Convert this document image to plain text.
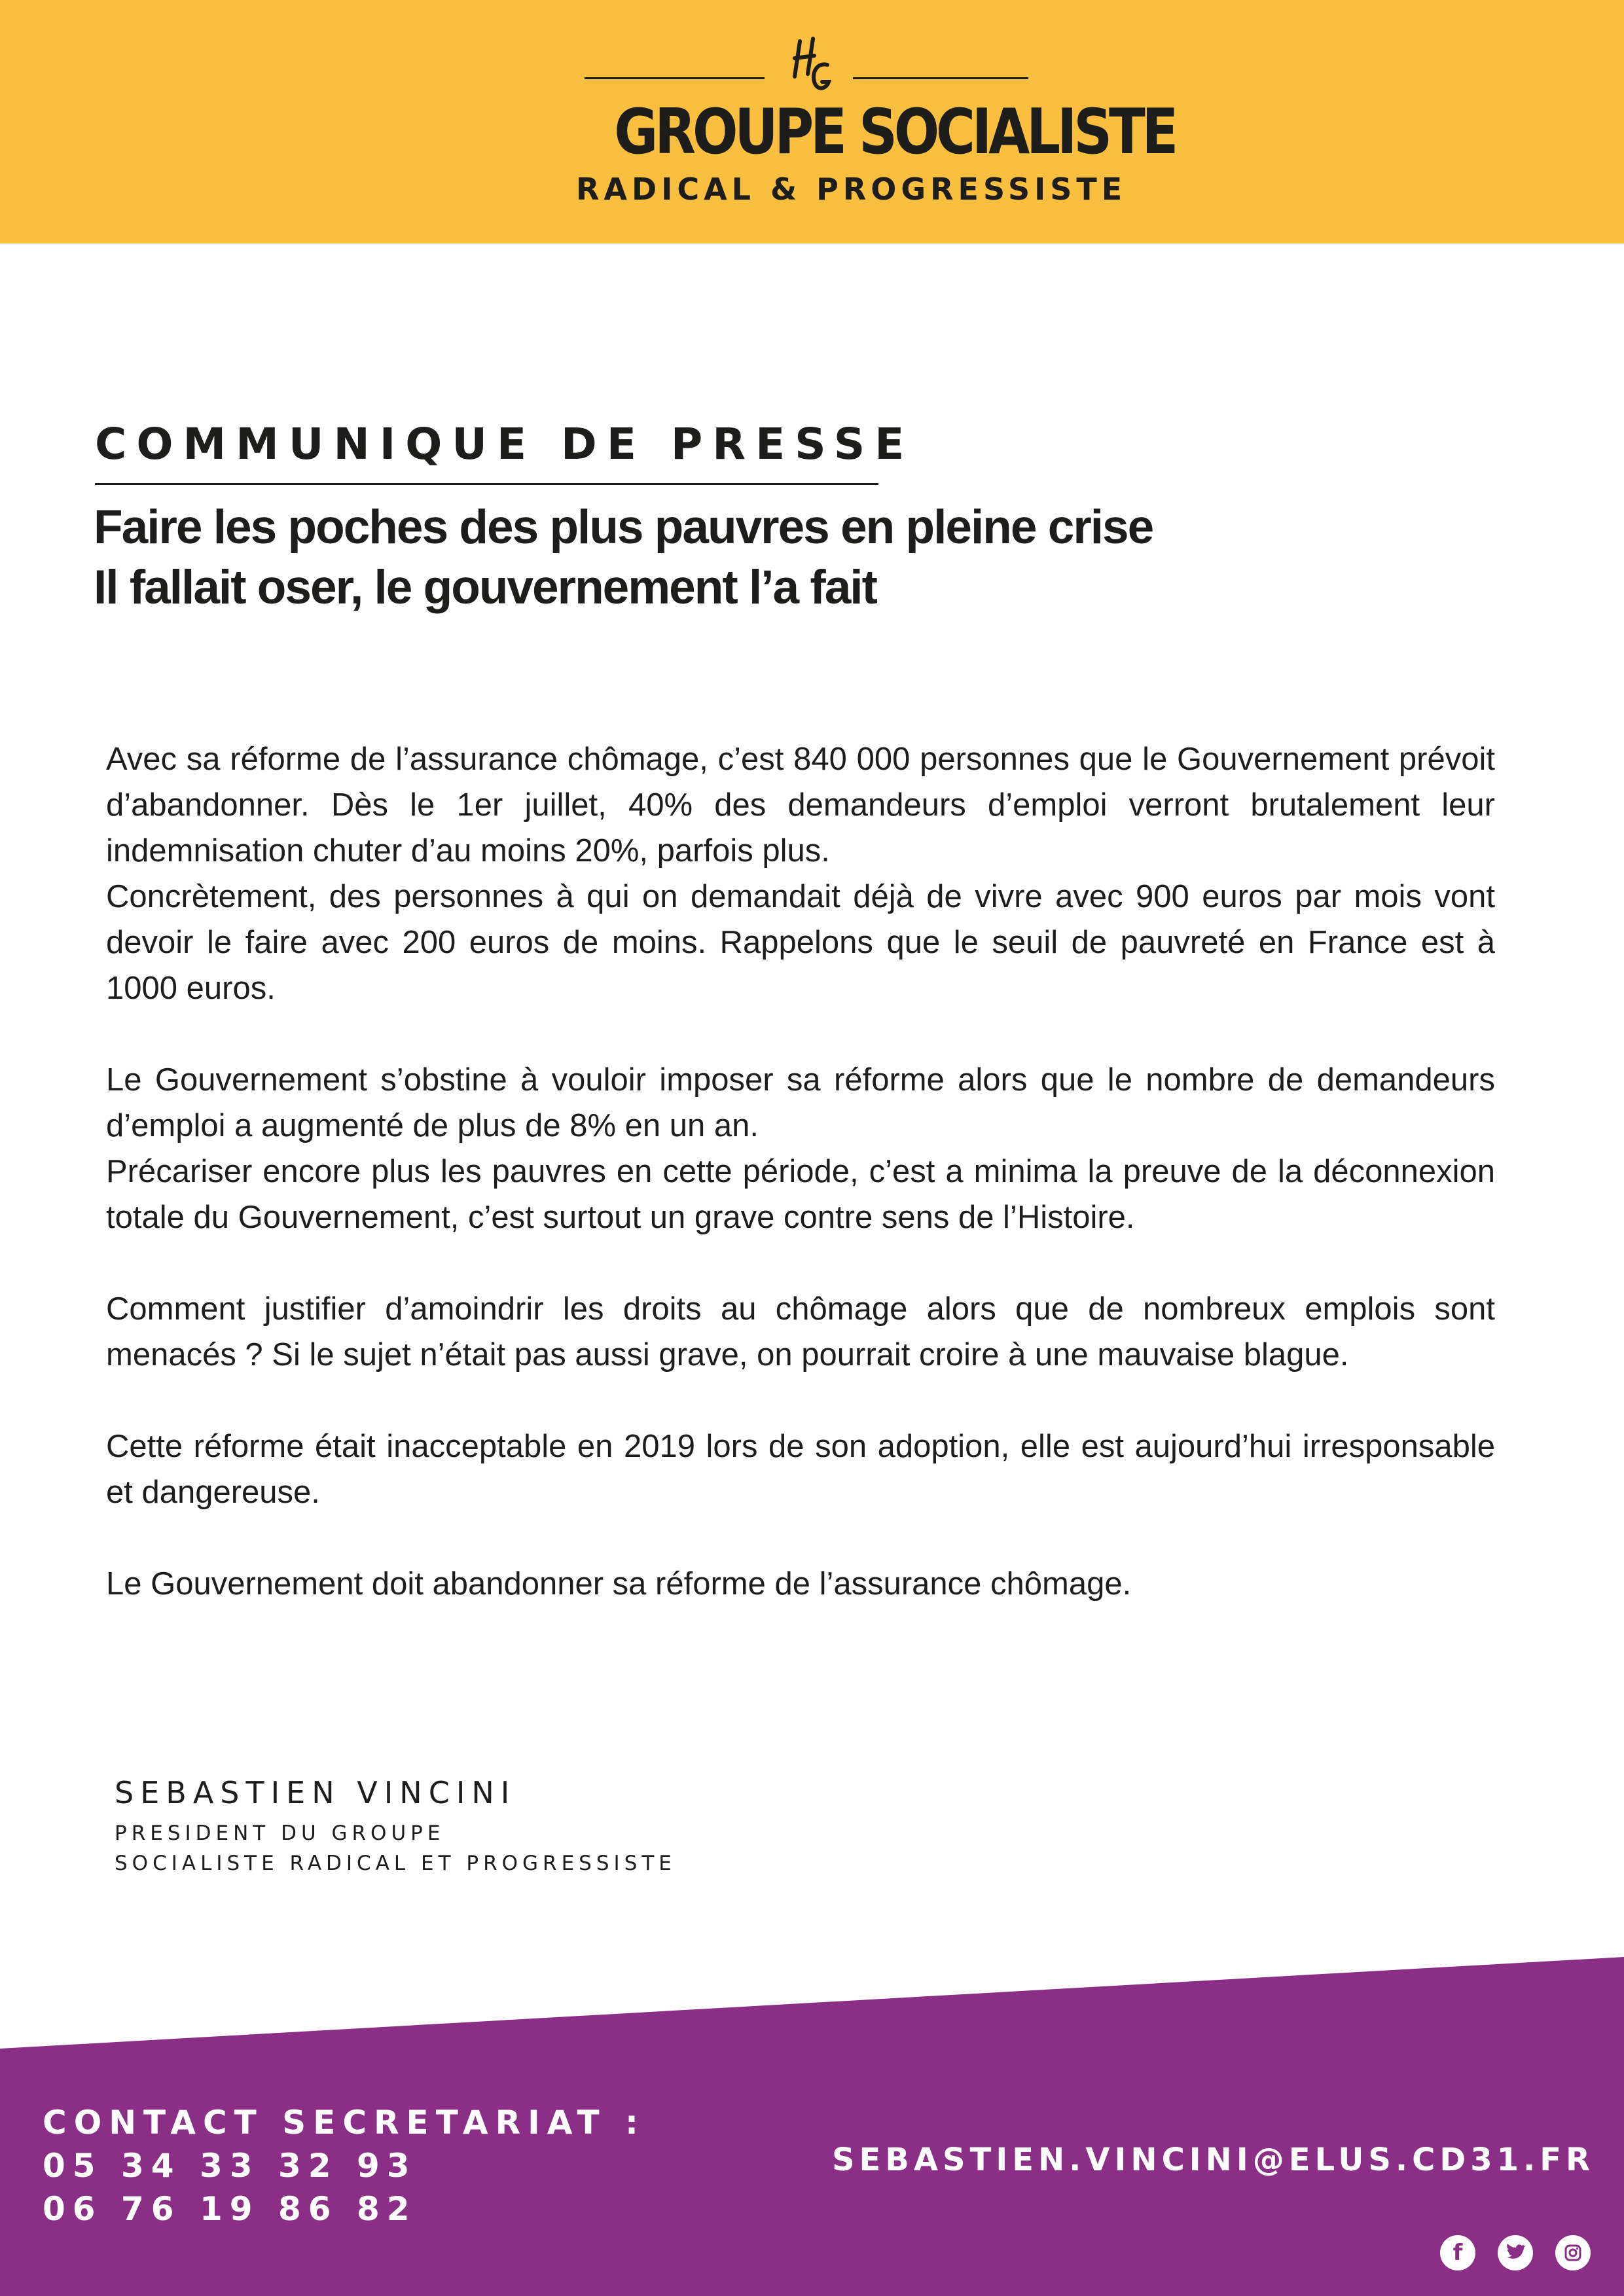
GROUPE SOCIALISTE
RADICAL & PROGRESSISTE
COMMUNIQUE DE PRESSE
Faire les poches des plus pauvres en pleine crise
Il fallait oser, le gouvernement l’a fait

Avec sa réforme de l’assurance chômage, c’est 840 000 personnes que le Gouvernement prévoit d’abandonner. Dès le 1er juillet, 40% des demandeurs d’emploi verront brutalement leur indemnisation chuter d’au moins 20%, parfois plus.

Concrètement, des personnes à qui on demandait déjà de vivre avec 900 euros par mois vont devoir le faire avec 200 euros de moins. Rappelons que le seuil de pauvreté en France est à 1000 euros.

Le Gouvernement s’obstine à vouloir imposer sa réforme alors que le nombre de demandeurs d’emploi a augmenté de plus de 8% en un an.

Précariser encore plus les pauvres en cette période, c’est a minima la preuve de la déconnexion totale du Gouvernement, c’est surtout un grave contre sens de l’Histoire.

Comment justifier d’amoindrir les droits au chômage alors que de nombreux emplois sont menacés ? Si le sujet n’était pas aussi grave, on pourrait croire à une mauvaise blague.

Cette réforme était inacceptable en 2019 lors de son adoption, elle est aujourd’hui irresponsable et dangereuse.

Le Gouvernement doit abandonner sa réforme de l’assurance chômage.

SEBASTIEN VINCINI
PRESIDENT DU GROUPE
SOCIALISTE RADICAL ET PROGRESSISTE
CONTACT SECRETARIAT :
05 34 33 32 93
06 76 19 86 82
SEBASTIEN.VINCINI@ELUS.CD31.FR
f
